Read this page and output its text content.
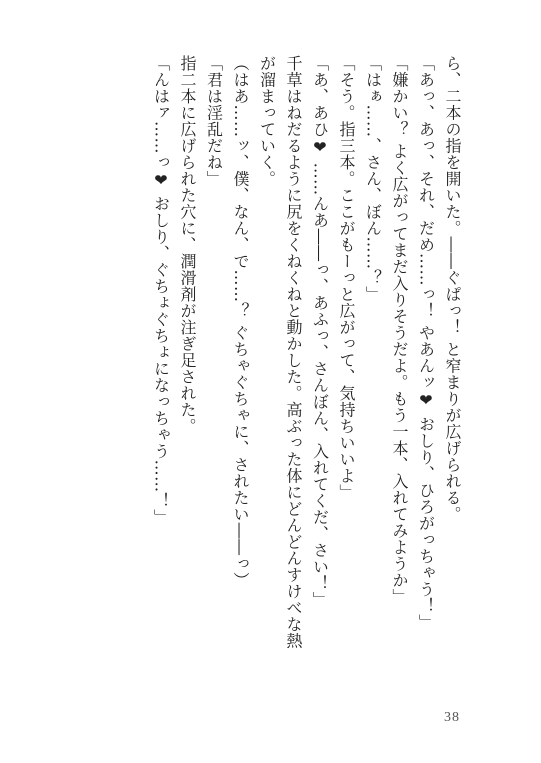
ら、二本の指を開いた。――ぐぱっ！ と窄まりが広げられる。
「あっ、あっ、それ、だめ……っ！ やあんッ❤ おしり、ひろがっちゃう！」
「嫌かい？ よく広がってまだ入りそうだよ。もう一本、入れてみようか」
「はぁ……、さん、ぼん……？」
「そう。指三本。ここがもーっと広がって、気持ちいいよ」
「あ、あひ❤ ……んあ――っ、あふっ、さんぼん、入れてくだ、さい！」
千草はねだるように尻をくねくねと動かした。高ぶった体にどんどんすけべな熱
が溜まっていく。
（はあ……ッ、僕、なん、で……？ ぐちゃぐちゃに、されたい――っ）
「君は淫乱だね」
指二本に広げられた穴に、潤滑剤が注ぎ足された。
「んはァ……っ❤ おしり、ぐちょぐちょになっちゃう……！」
38
